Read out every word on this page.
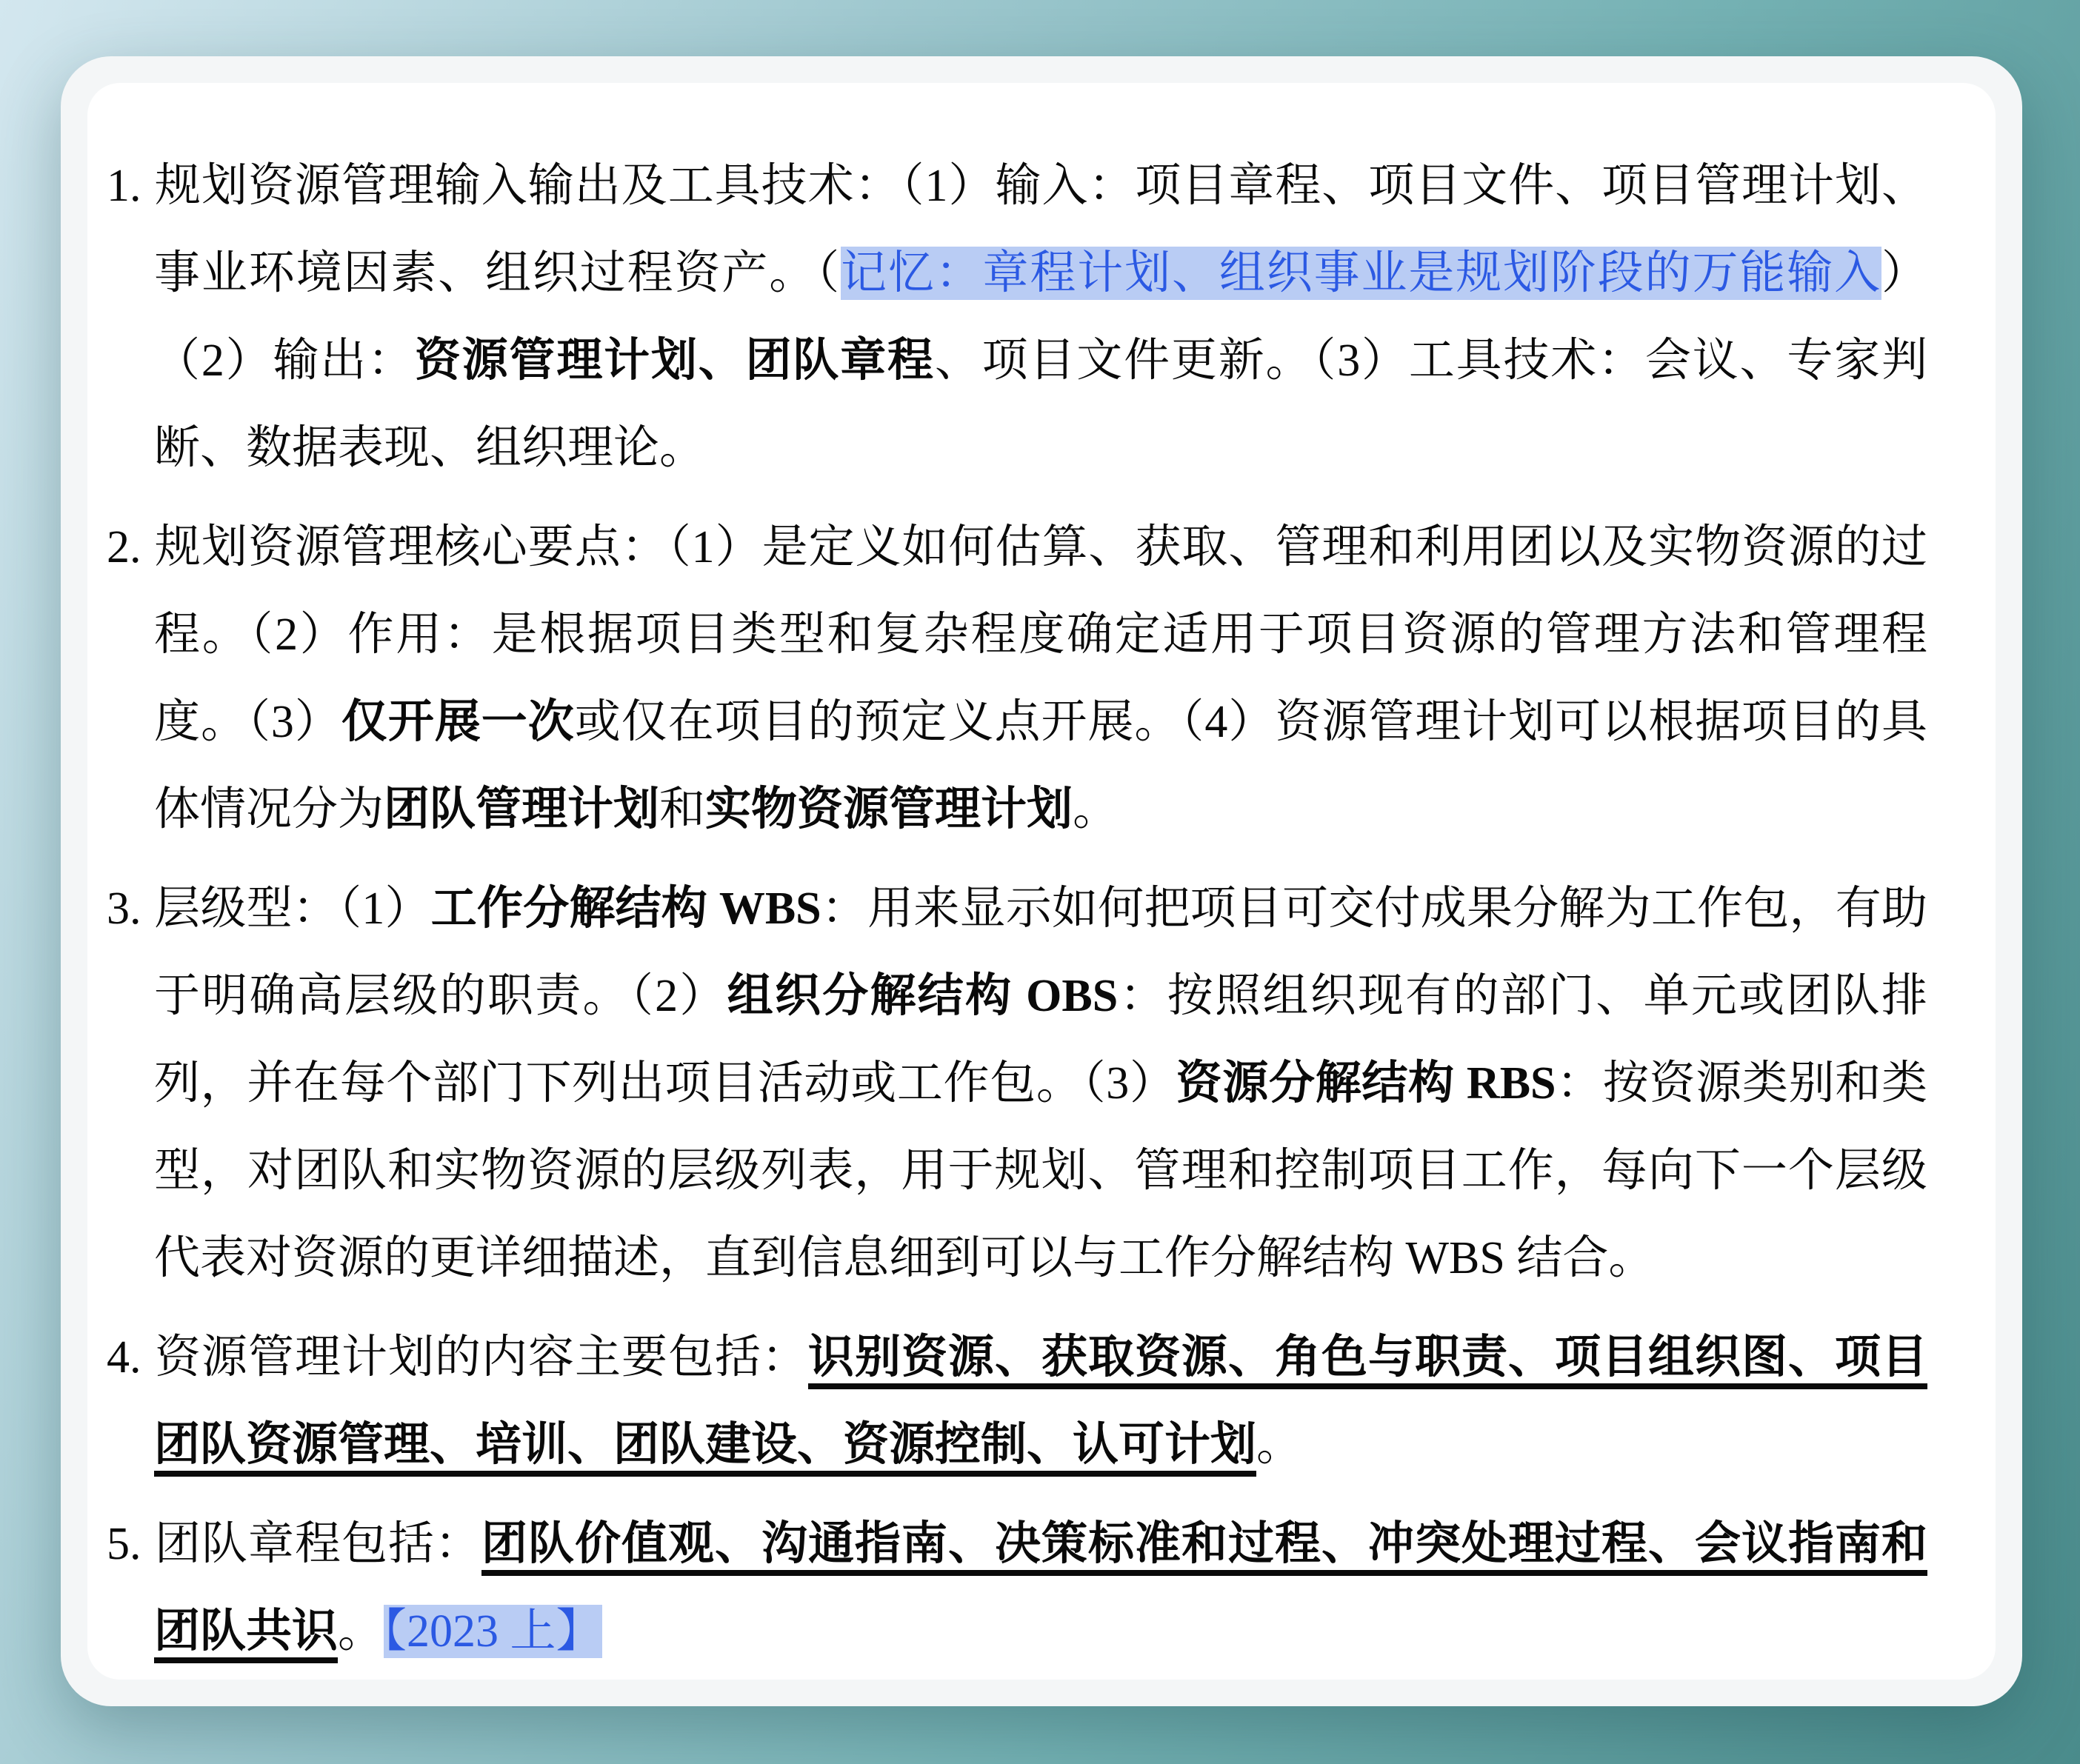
1. 规划资源管理输入输出及工具技术：（1）输入：项目章程、项目文件、项目管理计划、事业环境因素、组织过程资产。（记忆：章程计划、组织事业是规划阶段的万能输入）（2）输出：资源管理计划、团队章程、项目文件更新。（3）工具技术：会议、专家判断、数据表现、组织理论。
2. 规划资源管理核心要点：（1）是定义如何估算、获取、管理和利用团以及实物资源的过程。（2）作用：是根据项目类型和复杂程度确定适用于项目资源的管理方法和管理程度。（3）仅开展一次或仅在项目的预定义点开展。（4）资源管理计划可以根据项目的具体情况分为团队管理计划和实物资源管理计划。
3. 层级型：（1）工作分解结构 WBS：用来显示如何把项目可交付成果分解为工作包，有助于明确高层级的职责。（2）组织分解结构 OBS：按照组织现有的部门、单元或团队排列，并在每个部门下列出项目活动或工作包。（3）资源分解结构 RBS：按资源类别和类型，对团队和实物资源的层级列表，用于规划、管理和控制项目工作，每向下一个层级代表对资源的更详细描述，直到信息细到可以与工作分解结构 WBS 结合。
4. 资源管理计划的内容主要包括：识别资源、获取资源、角色与职责、项目组织图、项目团队资源管理、培训、团队建设、资源控制、认可计划。
5. 团队章程包括：团队价值观、沟通指南、决策标准和过程、冲突处理过程、会议指南和团队共识。【2023 上】
